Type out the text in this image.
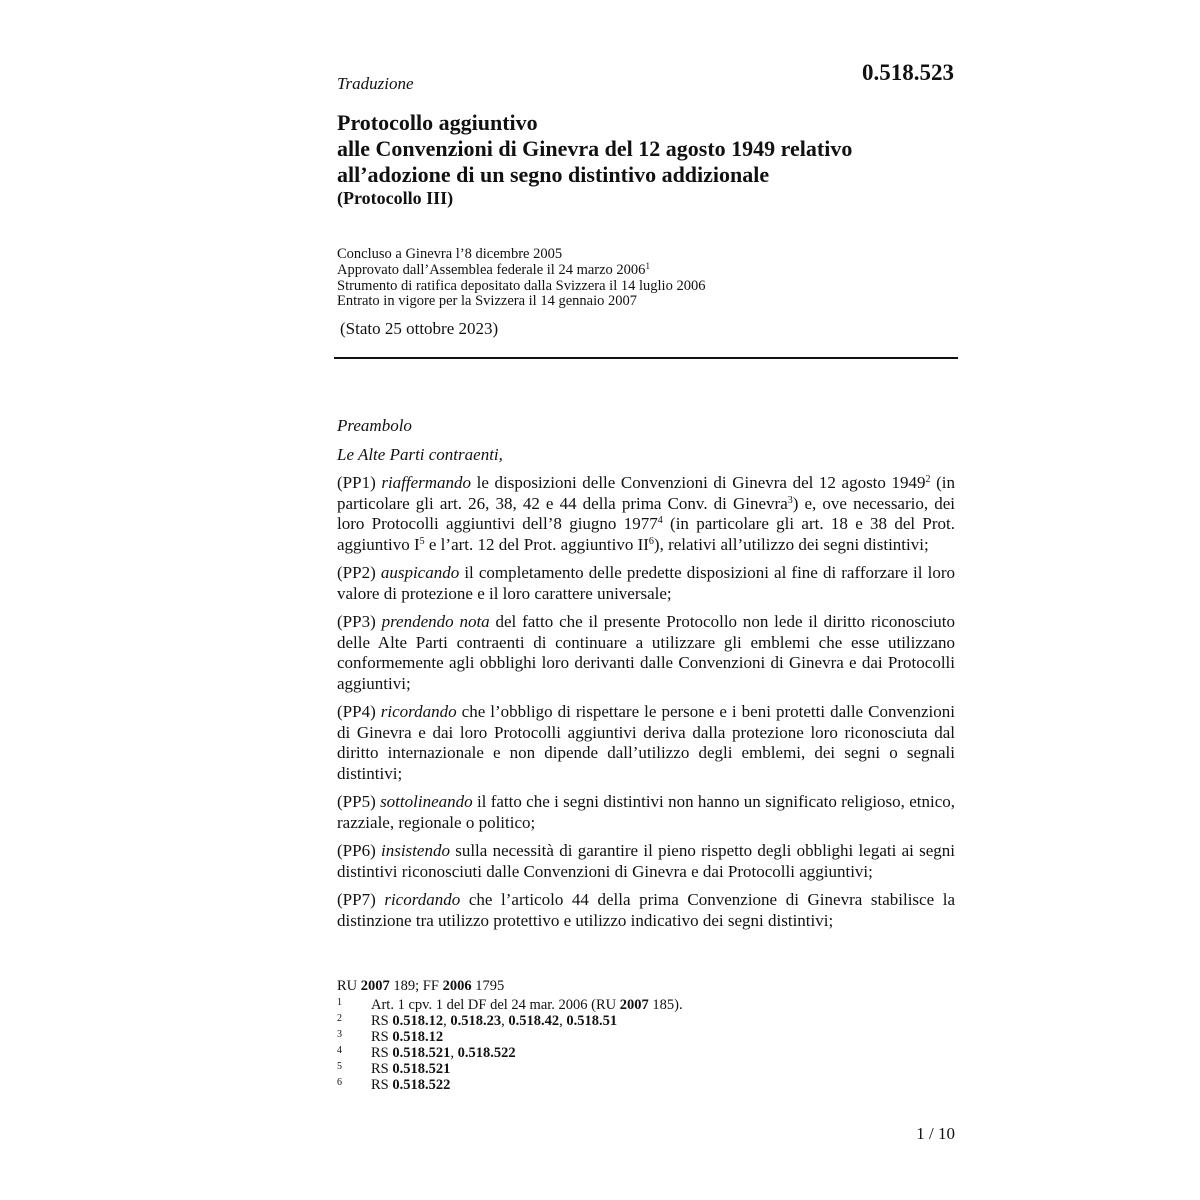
Traduzione	0.518.523
Protocollo aggiuntivo
alle Convenzioni di Ginevra del 12 agosto 1949 relativo
all’adozione di un segno distintivo addizionale
(Protocollo III)
Concluso a Ginevra l’8 dicembre 2005
Approvato dall’Assemblea federale il 24 marzo 2006$^1$
Strumento di ratifica depositato dalla Svizzera il 14 luglio 2006
Entrato in vigore per la Svizzera il 14 gennaio 2007
(Stato 25 ottobre 2023)

Preambolo

Le Alte Parti contraenti,

(PP1) riaffermando le disposizioni delle Convenzioni di Ginevra del 12 agosto 1949$^2$ (in particolare gli art. 26, 38, 42 e 44 della prima Conv. di Ginevra$^3$) e, ove necessario, dei loro Protocolli aggiuntivi dell’8 giugno 1977$^4$ (in particolare gli art. 18 e 38 del Prot. aggiuntivo $I^5$ e l’art. 12 del Prot. aggiuntivo $II^6$), relativi all’utilizzo dei segni distintivi;

(PP2) auspicando il completamento delle predette disposizioni al fine di rafforzare il loro valore di protezione e il loro carattere universale;

(PP3) prendendo nota del fatto che il presente Protocollo non lede il diritto riconosciuto delle Alte Parti contraenti di continuare a utilizzare gli emblemi che esse utilizzano conformemente agli obblighi loro derivanti dalle Convenzioni di Ginevra e dai Protocolli aggiuntivi;

(PP4) ricordando che l’obbligo di rispettare le persone e i beni protetti dalle Convenzioni di Ginevra e dai loro Protocolli aggiuntivi deriva dalla protezione loro riconosciuta dal diritto internazionale e non dipende dall’utilizzo degli emblemi, dei segni o segnali distintivi;

(PP5) sottolineando il fatto che i segni distintivi non hanno un significato religioso, etnico, razziale, regionale o politico;

(PP6) insistendo sulla necessità di garantire il pieno rispetto degli obblighi legati ai segni distintivi riconosciuti dalle Convenzioni di Ginevra e dai Protocolli aggiuntivi;

(PP7) ricordando che l’articolo 44 della prima Convenzione di Ginevra stabilisce la distinzione tra utilizzo protettivo e utilizzo indicativo dei segni distintivi;

RU 2007 189; FF 2006 1795
1	Art. 1 cpv. 1 del DF del 24 mar. 2006 (RU 2007 185).
2	RS 0.518.12, 0.518.23, 0.518.42, 0.518.51
3	RS 0.518.12
4	RS 0.518.521, 0.518.522
5	RS 0.518.521
6	RS 0.518.522
1 / 10
